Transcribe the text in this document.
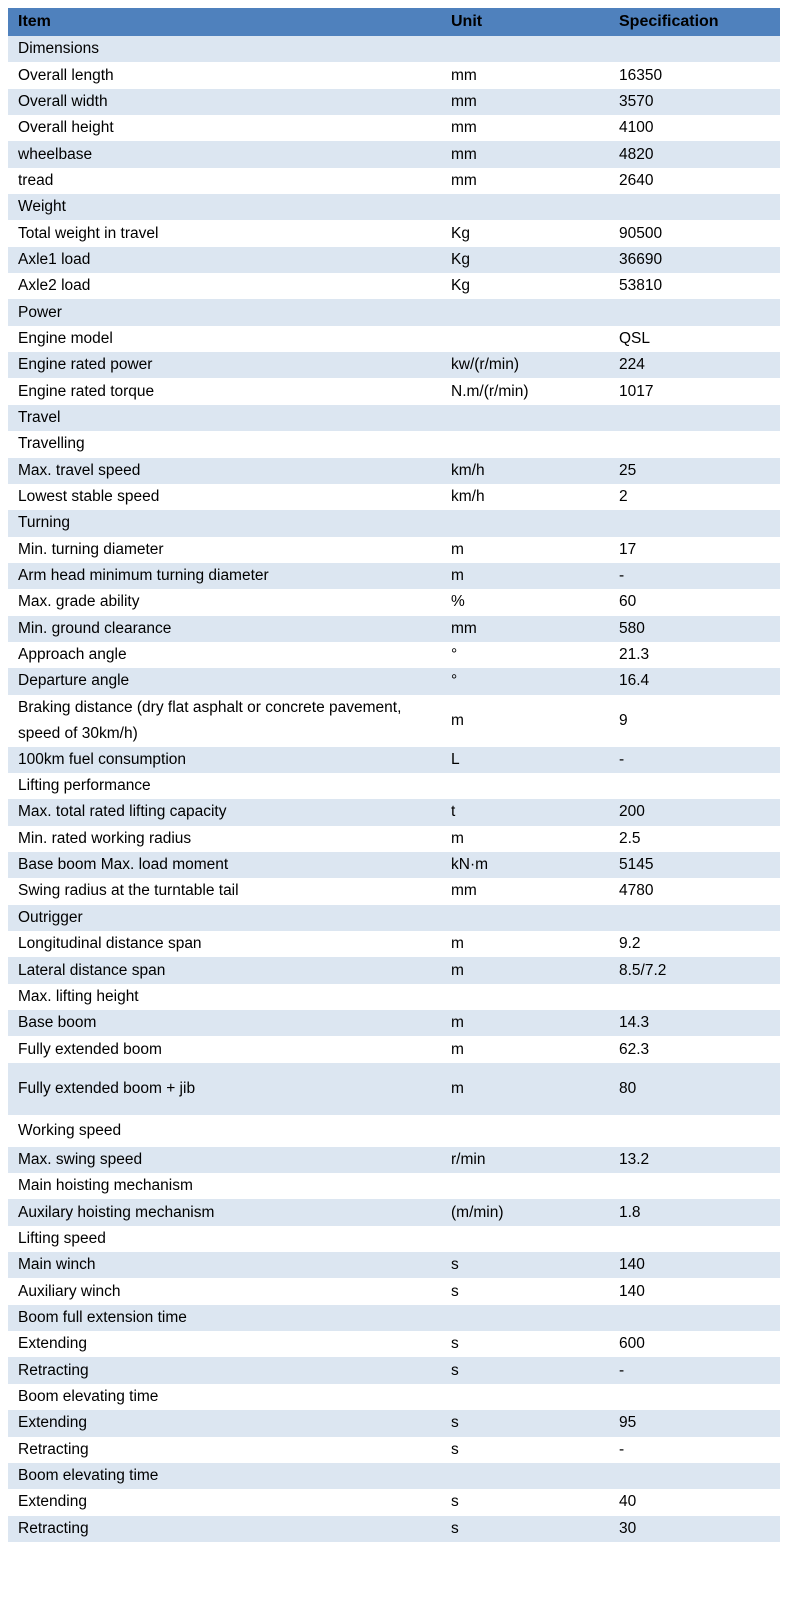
Item	Unit	Specification
Dimensions		
Overall length	mm	16350
Overall width	mm	3570
Overall height	mm	4100
wheelbase	mm	4820
tread	mm	2640
Weight		
Total weight in travel	Kg	90500
Axle1 load	Kg	36690
Axle2 load	Kg	53810
Power		
Engine model		QSL
Engine rated power	kw/(r/min)	224
Engine rated torque	N.m/(r/min)	1017
Travel		
Travelling		
Max. travel speed	km/h	25
Lowest stable speed	km/h	2
Turning		
Min. turning diameter	m	17
Arm head minimum turning diameter	m	-
Max. grade ability	%	60
Min. ground clearance	mm	580
Approach angle	°	21.3
Departure angle	°	16.4
Braking distance (dry flat asphalt or concrete pavement, speed of 30km/h)	m	9
100km fuel consumption	L	-
Lifting performance		
Max. total rated lifting capacity	t	200
Min. rated working radius	m	2.5
Base boom Max. load moment	kN·m	5145
Swing radius at the turntable tail	mm	4780
Outrigger		
Longitudinal distance span	m	9.2
Lateral distance span	m	8.5/7.2
Max. lifting height		
Base boom	m	14.3
Fully extended boom	m	62.3
Fully extended boom + jib	m	80
Working speed		
Max. swing speed	r/min	13.2
Main hoisting mechanism		
Auxilary hoisting mechanism	(m/min)	1.8
Lifting speed		
Main winch	s	140
Auxiliary winch	s	140
Boom full extension time		
Extending	s	600
Retracting	s	-
Boom elevating time		
Extending	s	95
Retracting	s	-
Boom elevating time		
Extending	s	40
Retracting	s	30
